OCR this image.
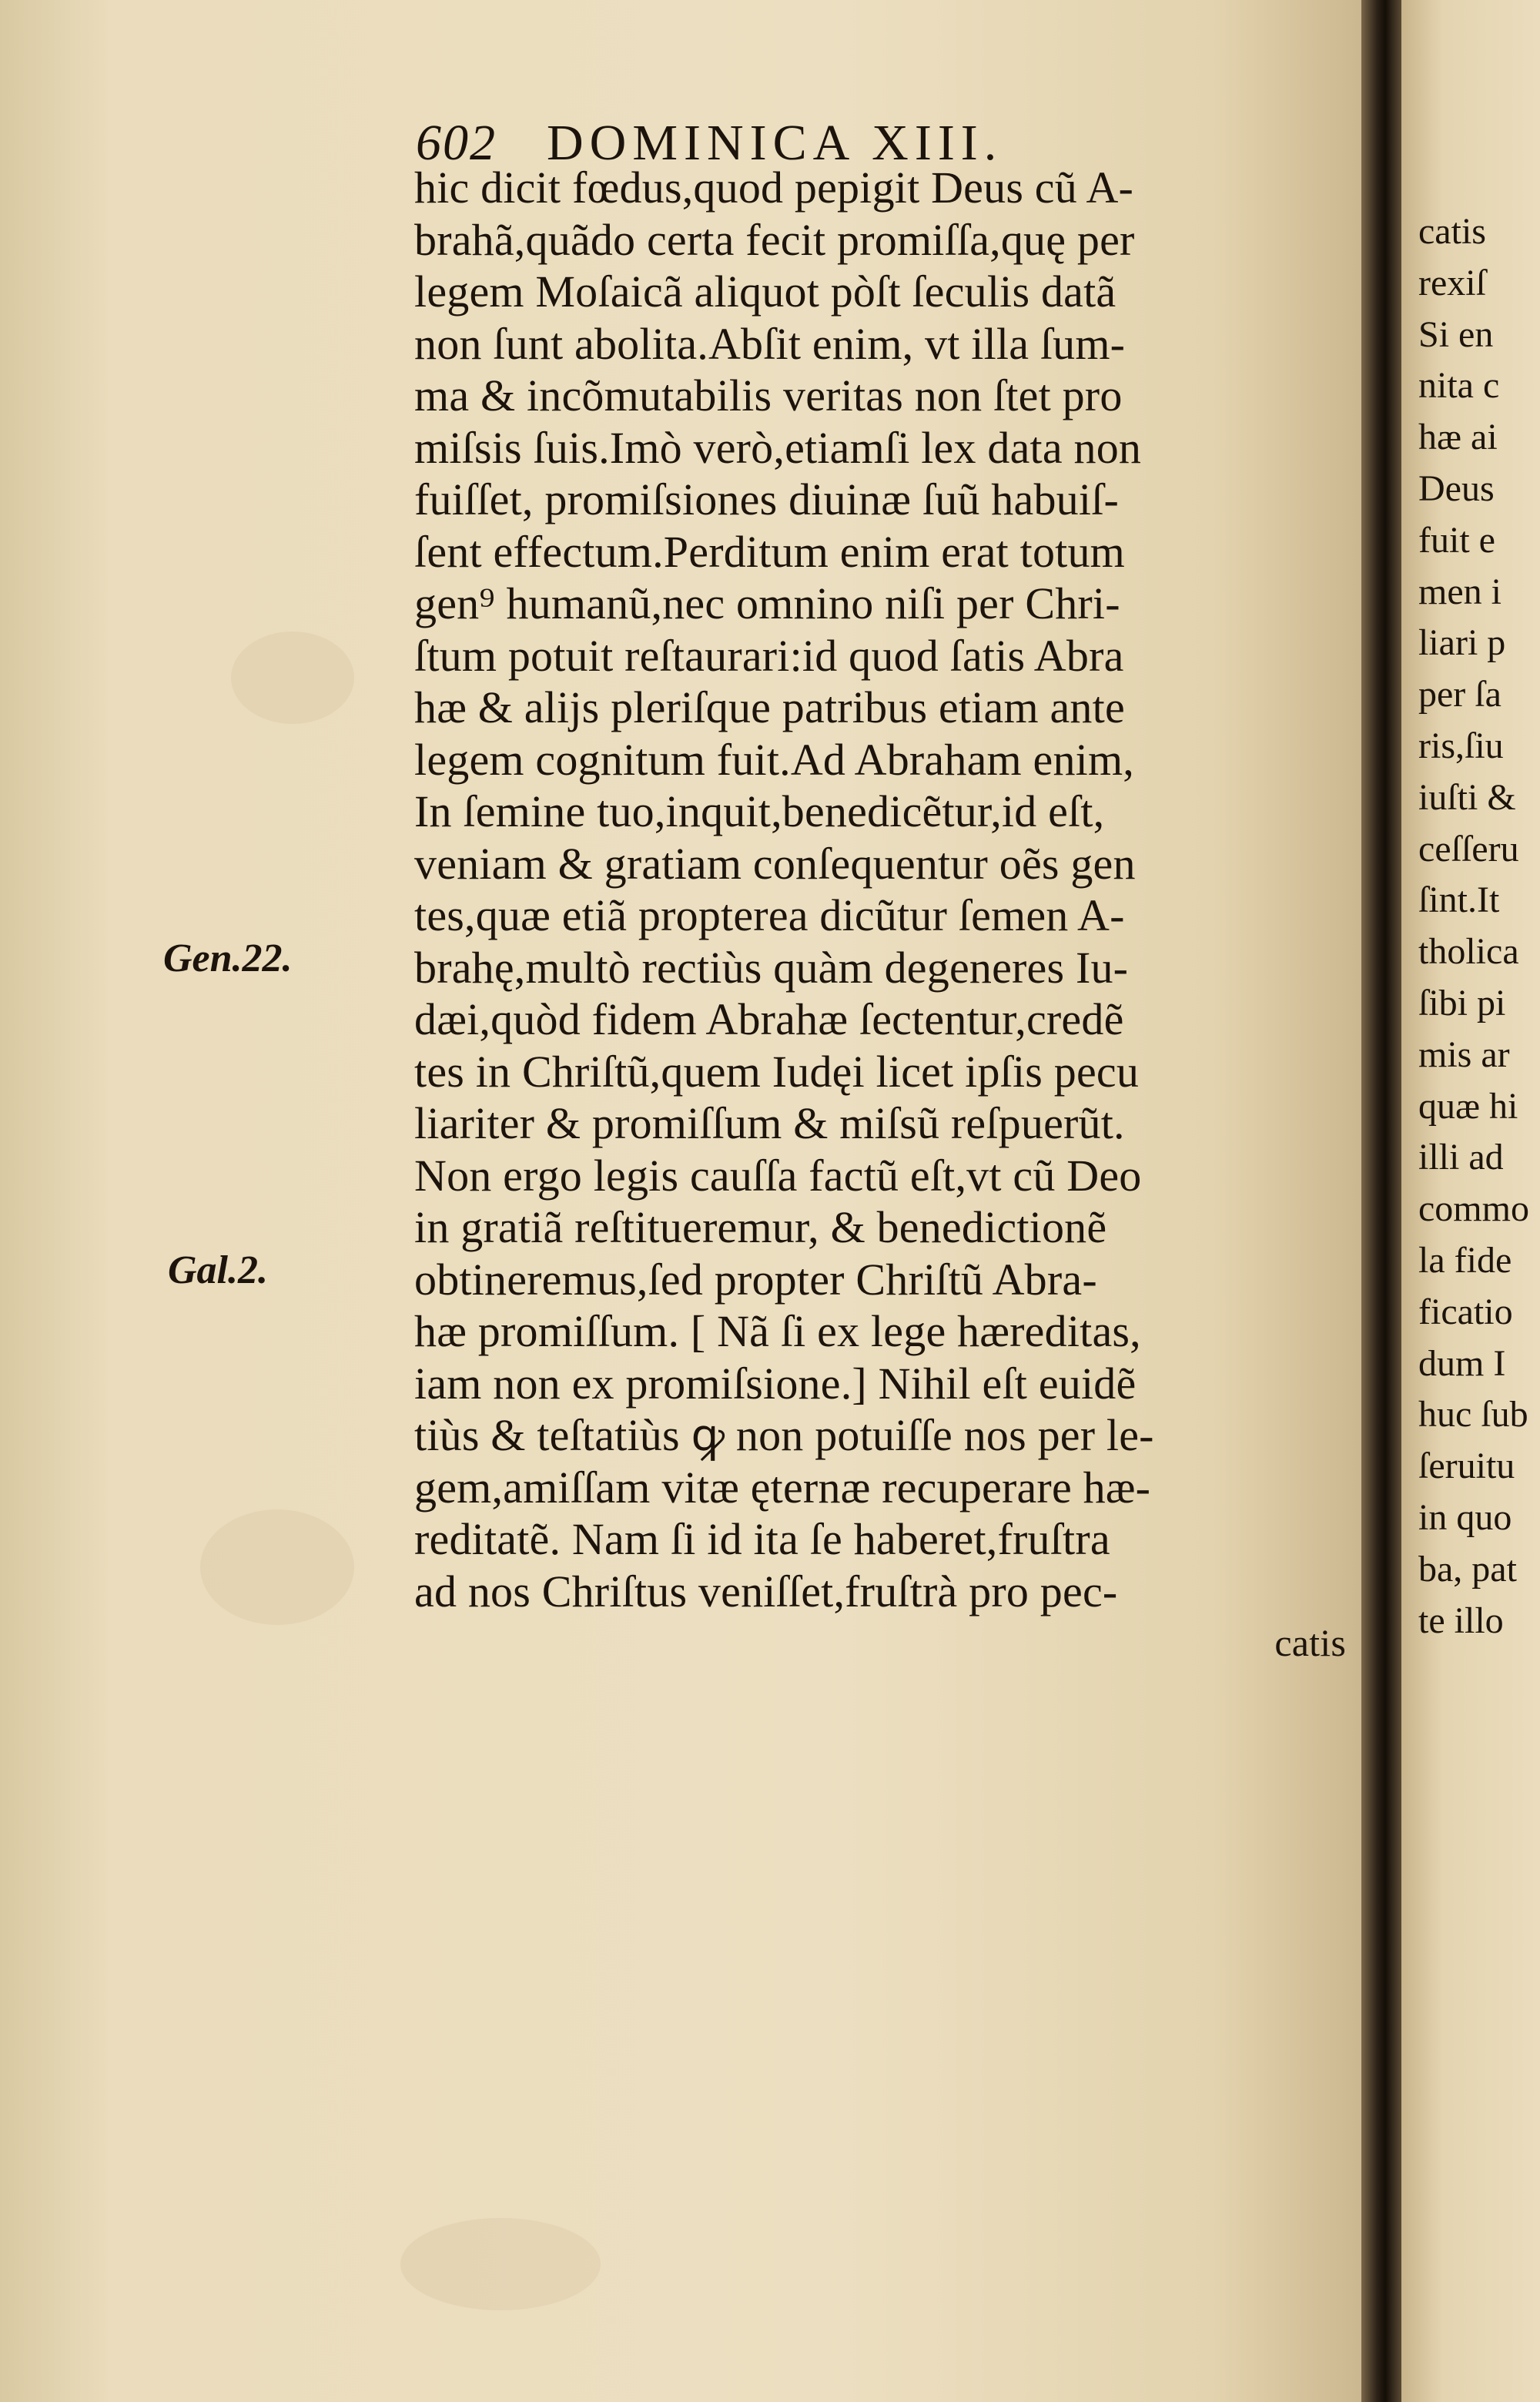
602 DOMINICA XIII.
hic dicit fœdus,quod pepigit Deus cũ A-
brahã,quãdo certa fecit promiſſa,quę per
legem Moſaicã aliquot pòſt ſeculis datã
non ſunt abolita.Abſit enim, vt illa ſum-
ma & incõmutabilis veritas non ſtet pro
miſsis ſuis.Imò verò,etiamſi lex data non
fuiſſet, promiſsiones diuinæ ſuũ habuiſ-
ſent effectum.Perditum enim erat totum
gen⁹ humanũ,nec omnino niſi per Chri-
ſtum potuit reſtaurari:id quod ſatis Abra
hæ & alijs pleriſque patribus etiam ante
legem cognitum fuit.Ad Abraham enim,
In ſemine tuo,inquit,benedicẽtur,id eſt,
veniam & gratiam conſequentur oẽs gen
tes,quæ etiã propterea dicũtur ſemen A-
brahę,multò rectiùs quàm degeneres Iu-
dæi,quòd fidem Abrahæ ſectentur,credẽ
tes in Chriſtũ,quem Iudęi licet ipſis pecu
liariter & promiſſum & miſsũ reſpuerũt.
Non ergo legis cauſſa factũ eſt,vt cũ Deo
in gratiã reſtitueremur, & benedictionẽ
obtineremus,ſed propter Chriſtũ Abra-
hæ promiſſum. [ Nã ſi ex lege hæreditas,
iam non ex promiſsione.] Nihil eſt euidẽ
tiùs & teſtatiùs ꝙ non potuiſſe nos per le-
gem,amiſſam vitæ ęternæ recuperare hæ-
reditatẽ. Nam ſi id ita ſe haberet,fruſtra
ad nos Chriſtus veniſſet,fruſtrà pro pec-
catis
Gen.22.
Gal.2.
catis
rexiſ
Si en
nita c
hæ ai
Deus
fuit e
men i
liari p
per ſa
ris,ſiu
iuſti &
ceſſeru
ſint.It
tholica
ſibi pi
mis ar
quæ hi
illi ad
commo
la fide
ficatio
dum I
huc ſub
ſeruitu
in quo
ba, pat
te illo
